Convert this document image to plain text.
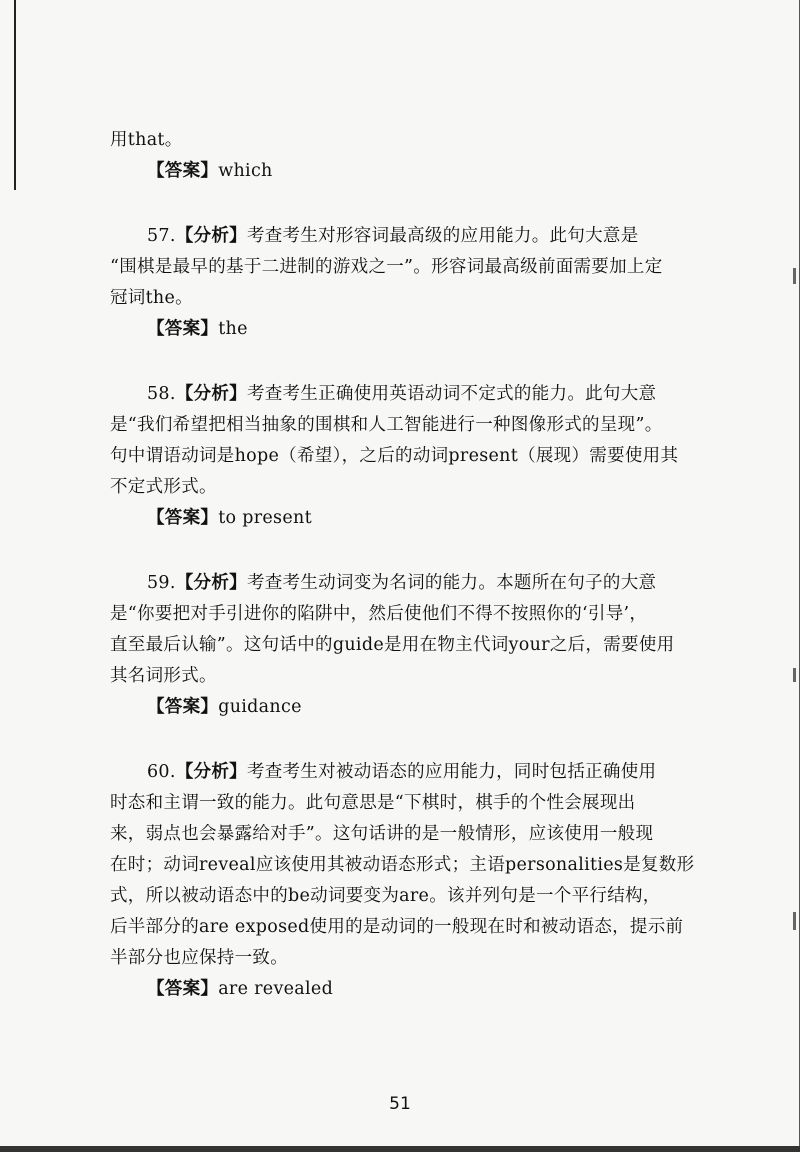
用that。
【答案】which
57.【分析】考查考生对形容词最高级的应用能力。此句大意是
“围棋是最早的基于二进制的游戏之一”。形容词最高级前面需要加上定
冠词the。
【答案】the
58.【分析】考查考生正确使用英语动词不定式的能力。此句大意
是“我们希望把相当抽象的围棋和人工智能进行一种图像形式的呈现”。
句中谓语动词是hope（希望），之后的动词present（展现）需要使用其
不定式形式。
【答案】to present
59.【分析】考查考生动词变为名词的能力。本题所在句子的大意
是“你要把对手引进你的陷阱中，然后使他们不得不按照你的‘引导’，
直至最后认输”。这句话中的guide是用在物主代词your之后，需要使用
其名词形式。
【答案】guidance
60.【分析】考查考生对被动语态的应用能力，同时包括正确使用
时态和主谓一致的能力。此句意思是“下棋时，棋手的个性会展现出
来，弱点也会暴露给对手”。这句话讲的是一般情形，应该使用一般现
在时；动词reveal应该使用其被动语态形式；主语personalities是复数形
式，所以被动语态中的be动词要变为are。该并列句是一个平行结构，
后半部分的are exposed使用的是动词的一般现在时和被动语态，提示前
半部分也应保持一致。
【答案】are revealed
51
